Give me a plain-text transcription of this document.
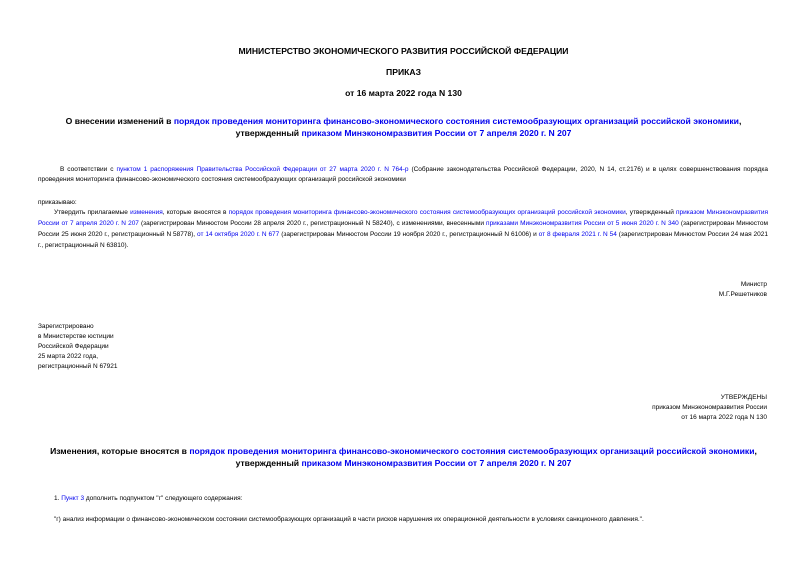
МИНИСТЕРСТВО ЭКОНОМИЧЕСКОГО РАЗВИТИЯ РОССИЙСКОЙ ФЕДЕРАЦИИ
ПРИКАЗ
от 16 марта 2022 года N 130
О внесении изменений в порядок проведения мониторинга финансово-экономического состояния системообразующих организаций российской экономики, утвержденный приказом Минэкономразвития России от 7 апреля 2020 г. N 207
В соответствии с пунктом 1 распоряжения Правительства Российской Федерации от 27 марта 2020 г. N 764-р (Собрание законодательства Российской Федерации, 2020, N 14, ст.2176) и в целях совершенствования порядка проведения мониторинга финансово-экономического состояния системообразующих организаций российской экономики
приказываю:
Утвердить прилагаемые изменения, которые вносятся в порядок проведения мониторинга финансово-экономического состояния системообразующих организаций российской экономики, утвержденный приказом Минэкономразвития России от 7 апреля 2020 г. N 207 (зарегистрирован Минюстом России 28 апреля 2020 г., регистрационный N 58240), с изменениями, внесенными приказами Минэкономразвития России от 5 июня 2020 г. N 340 (зарегистрирован Минюстом России 25 июня 2020 г., регистрационный N 58778), от 14 октября 2020 г. N 677 (зарегистрирован Минюстом России 19 ноября 2020 г., регистрационный N 61006) и от 8 февраля 2021 г. N 54 (зарегистрирован Минюстом России 24 мая 2021 г., регистрационный N 63810).
Министр
М.Г.Решетников
Зарегистрировано
в Министерстве юстиции
Российской Федерации
25 марта 2022 года,
регистрационный N 67921
УТВЕРЖДЕНЫ
приказом Минэкономразвития России
от 16 марта 2022 года N 130
Изменения, которые вносятся в порядок проведения мониторинга финансово-экономического состояния системообразующих организаций российской экономики, утвержденный приказом Минэкономразвития России от 7 апреля 2020 г. N 207
1. Пункт 3 дополнить подпунктом "г" следующего содержания:
"г) анализ информации о финансово-экономическом состоянии системообразующих организаций в части рисков нарушения их операционной деятельности в условиях санкционного давления.".
